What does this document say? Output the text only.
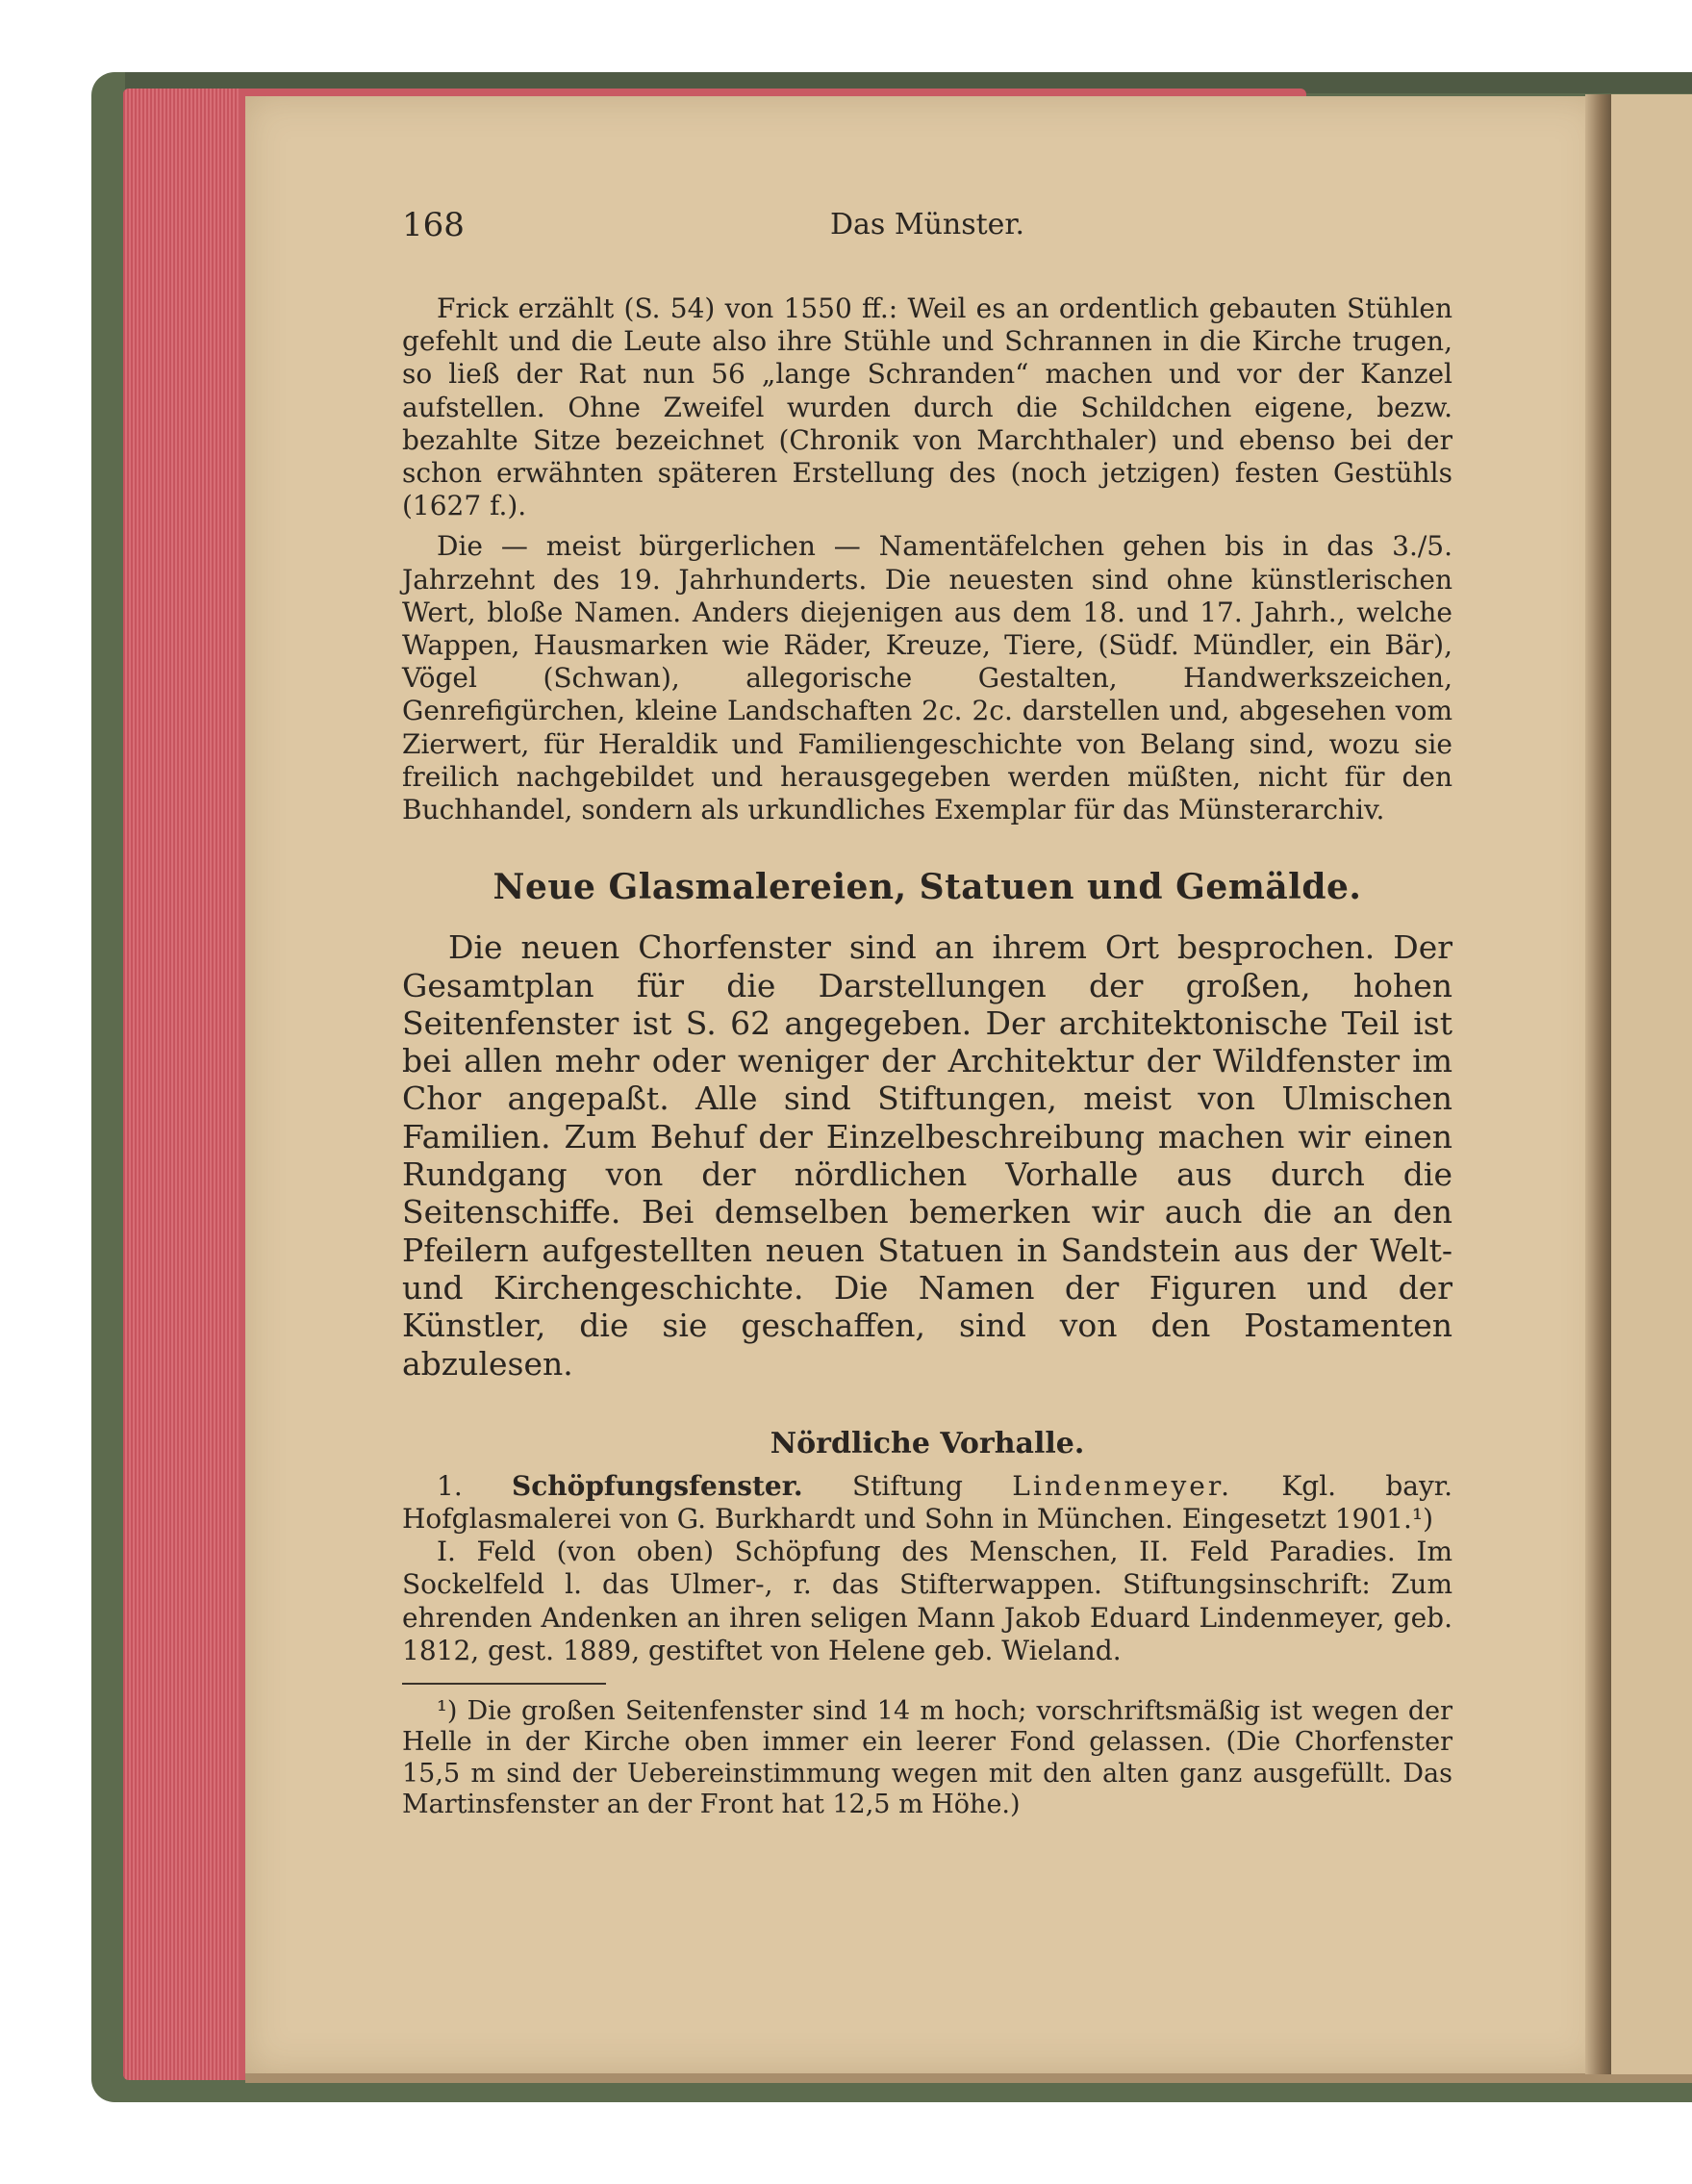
168	Das Münster.

Frick erzählt (S. 54) von 1550 ff.: Weil es an ordentlich gebauten Stühlen gefehlt und die Leute also ihre Stühle und Schrannen in die Kirche trugen, so ließ der Rat nun 56 „lange Schranden“ machen und vor der Kanzel aufstellen. Ohne Zweifel wurden durch die Schildchen eigene, bezw. bezahlte Sitze bezeichnet (Chronik von Marchthaler) und ebenso bei der schon erwähnten späteren Erstellung des (noch jetzigen) festen Gestühls (1627 f.).

Die — meist bürgerlichen — Namentäfelchen gehen bis in das 3./5. Jahrzehnt des 19. Jahrhunderts. Die neuesten sind ohne künstlerischen Wert, bloße Namen. Anders diejenigen aus dem 18. und 17. Jahrh., welche Wappen, Hausmarken wie Räder, Kreuze, Tiere, (Südf. Mündler, ein Bär), Vögel (Schwan), allegorische Gestalten, Handwerkszeichen, Genrefigürchen, kleine Landschaften 2c. 2c. darstellen und, abgesehen vom Zierwert, für Heraldik und Familiengeschichte von Belang sind, wozu sie freilich nachgebildet und herausgegeben werden müßten, nicht für den Buchhandel, sondern als urkundliches Exemplar für das Münsterarchiv.

Neue Glasmalereien, Statuen und Gemälde.

Die neuen Chorfenster sind an ihrem Ort besprochen. Der Gesamtplan für die Darstellungen der großen, hohen Seitenfenster ist S. 62 angegeben. Der architektonische Teil ist bei allen mehr oder weniger der Architektur der Wildfenster im Chor angepaßt. Alle sind Stiftungen, meist von Ulmischen Familien. Zum Behuf der Einzelbeschreibung machen wir einen Rundgang von der nördlichen Vorhalle aus durch die Seitenschiffe. Bei demselben bemerken wir auch die an den Pfeilern aufgestellten neuen Statuen in Sandstein aus der Welt- und Kirchengeschichte. Die Namen der Figuren und der Künstler, die sie geschaffen, sind von den Postamenten abzulesen.

Nördliche Vorhalle.

1. Schöpfungsfenster. Stiftung Lindenmeyer. Kgl. bayr. Hofglasmalerei von G. Burkhardt und Sohn in München. Eingesetzt 1901.¹)

I. Feld (von oben) Schöpfung des Menschen, II. Feld Paradies. Im Sockelfeld l. das Ulmer-, r. das Stifterwappen. Stiftungsinschrift: Zum ehrenden Andenken an ihren seligen Mann Jakob Eduard Lindenmeyer, geb. 1812, gest. 1889, gestiftet von Helene geb. Wieland.

¹) Die großen Seitenfenster sind 14 m hoch; vorschriftsmäßig ist wegen der Helle in der Kirche oben immer ein leerer Fond gelassen. (Die Chorfenster 15,5 m sind der Uebereinstimmung wegen mit den alten ganz ausgefüllt. Das Martinsfenster an der Front hat 12,5 m Höhe.)
